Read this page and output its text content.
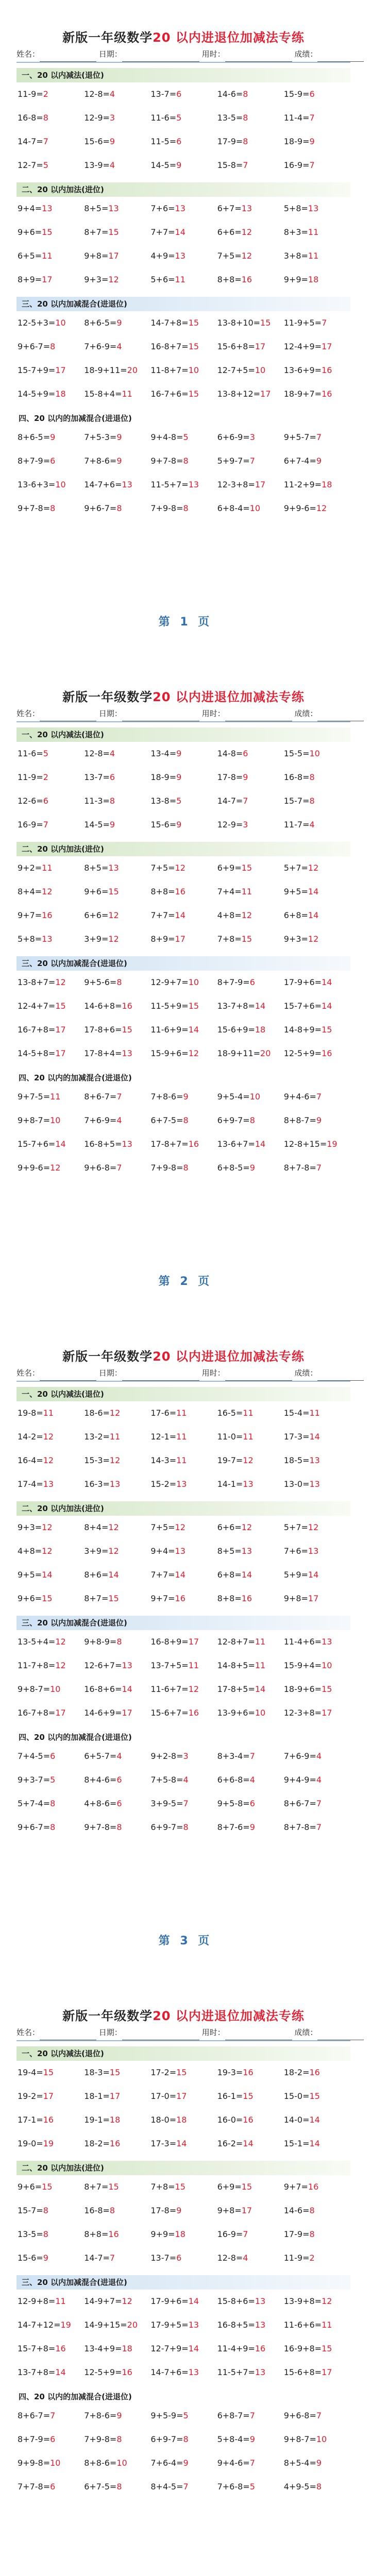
新版一年级数学20 以内进退位加减法专练
姓名：	日期：	用时：	成绩：
一、20 以内减法(退位)
11-9=2	12-8=4	13-7=6	14-6=8	15-9=6
16-8=8	12-9=3	11-6=5	13-5=8	11-4=7
14-7=7	15-6=9	11-5=6	17-9=8	18-9=9
12-7=5	13-9=4	14-5=9	15-8=7	16-9=7
二、20 以内加法(进位)
9+4=13	8+5=13	7+6=13	6+7=13	5+8=13
9+6=15	8+7=15	7+7=14	6+6=12	8+3=11
6+5=11	9+8=17	4+9=13	7+5=12	3+8=11
8+9=17	9+3=12	5+6=11	8+8=16	9+9=18
三、20 以内加减混合(进退位)
12-5+3=10	8+6-5=9	14-7+8=15	13-8+10=15	11-9+5=7
9+6-7=8	7+6-9=4	16-8+7=15	15-6+8=17	12-4+9=17
15-7+9=17	18-9+11=20	11-8+7=10	12-7+5=10	13-6+9=16
14-5+9=18	15-8+4=11	16-7+6=15	13-8+12=17	18-9+7=16
四、20 以内的加减混合(进退位)
8+6-5=9	7+5-3=9	9+4-8=5	6+6-9=3	9+5-7=7
8+7-9=6	7+8-6=9	9+7-8=8	5+9-7=7	6+7-4=9
13-6+3=10	14-7+6=13	11-5+7=13	12-3+8=17	11-2+9=18
9+7-8=8	9+6-7=8	7+9-8=8	6+8-4=10	9+9-6=12
第 1 页
新版一年级数学20 以内进退位加减法专练
姓名：	日期：	用时：	成绩：
一、20 以内减法(退位)
11-6=5	12-8=4	13-4=9	14-8=6	15-5=10
11-9=2	13-7=6	18-9=9	17-8=9	16-8=8
12-6=6	11-3=8	13-8=5	14-7=7	15-7=8
16-9=7	14-5=9	15-6=9	12-9=3	11-7=4
二、20 以内加法(进位)
9+2=11	8+5=13	7+5=12	6+9=15	5+7=12
8+4=12	9+6=15	8+8=16	7+4=11	9+5=14
9+7=16	6+6=12	7+7=14	4+8=12	6+8=14
5+8=13	3+9=12	8+9=17	7+8=15	9+3=12
三、20 以内加减混合(进退位)
13-8+7=12	9+5-6=8	12-9+7=10	8+7-9=6	17-9+6=14
12-4+7=15	14-6+8=16	11-5+9=15	13-7+8=14	15-7+6=14
16-7+8=17	17-8+6=15	11-6+9=14	15-6+9=18	14-8+9=15
14-5+8=17	17-8+4=13	15-9+6=12	18-9+11=20	12-5+9=16
四、20 以内的加减混合(进退位)
9+7-5=11	8+6-7=7	7+8-6=9	9+5-4=10	9+4-6=7
9+8-7=10	7+6-9=4	6+7-5=8	6+9-7=8	8+8-7=9
15-7+6=14	16-8+5=13	17-8+7=16	13-6+7=14	12-8+15=19
9+9-6=12	9+6-8=7	7+9-8=8	6+8-5=9	8+7-8=7
第 2 页
新版一年级数学20 以内进退位加减法专练
姓名：	日期：	用时：	成绩：
一、20 以内减法(退位)
19-8=11	18-6=12	17-6=11	16-5=11	15-4=11
14-2=12	13-2=11	12-1=11	11-0=11	17-3=14
16-4=12	15-3=12	14-3=11	19-7=12	18-5=13
17-4=13	16-3=13	15-2=13	14-1=13	13-0=13
二、20 以内加法(进位)
9+3=12	8+4=12	7+5=12	6+6=12	5+7=12
4+8=12	3+9=12	9+4=13	8+5=13	7+6=13
9+5=14	8+6=14	7+7=14	6+8=14	5+9=14
9+6=15	8+7=15	9+7=16	8+8=16	9+8=17
三、20 以内加减混合(进退位)
13-5+4=12	9+8-9=8	16-8+9=17	12-8+7=11	11-4+6=13
11-7+8=12	12-6+7=13	13-7+5=11	14-8+5=11	15-9+4=10
9+8-7=10	16-8+6=14	11-6+7=12	17-8+5=14	18-9+6=15
16-7+8=17	14-6+9=17	15-6+7=16	13-9+6=10	12-3+8=17
四、20 以内的加减混合(进退位)
7+4-5=6	6+5-7=4	9+2-8=3	8+3-4=7	7+6-9=4
9+3-7=5	8+4-6=6	7+5-8=4	6+6-8=4	9+4-9=4
5+7-4=8	4+8-6=6	3+9-5=7	9+5-8=6	8+6-7=7
9+6-7=8	9+7-8=8	6+9-7=8	8+7-6=9	8+7-8=7
第 3 页
新版一年级数学20 以内进退位加减法专练
姓名：	日期：	用时：	成绩：
一、20 以内减法(退位)
19-4=15	18-3=15	17-2=15	19-3=16	18-2=16
19-2=17	18-1=17	17-0=17	16-1=15	15-0=15
17-1=16	19-1=18	18-0=18	16-0=16	14-0=14
19-0=19	18-2=16	17-3=14	16-2=14	15-1=14
二、20 以内加法(进位)
9+6=15	8+7=15	7+8=15	6+9=15	9+7=16
15-7=8	16-8=8	17-8=9	9+8=17	14-6=8
13-5=8	8+8=16	9+9=18	16-9=7	17-9=8
15-6=9	14-7=7	13-7=6	12-8=4	11-9=2
三、20 以内加减混合(进退位)
12-9+8=11	14-9+7=12	17-9+6=14	15-8+6=13	13-9+8=12
14-7+12=19	14-9+15=20	17-9+5=13	16-8+5=13	11-6+6=11
15-7+8=16	13-4+9=18	12-7+9=14	11-4+9=16	16-9+8=15
13-7+8=14	12-5+9=16	14-7+6=13	11-5+7=13	15-6+8=17
四、20 以内的加减混合(进退位)
8+6-7=7	7+8-6=9	9+5-9=5	6+8-7=7	9+6-8=7
8+7-9=6	7+9-8=8	6+9-7=8	5+8-4=9	9+8-7=10
9+9-8=10	8+8-6=10	7+6-4=9	9+4-6=7	8+5-4=9
7+7-8=6	6+7-5=8	8+4-5=7	7+6-8=5	4+9-5=8
